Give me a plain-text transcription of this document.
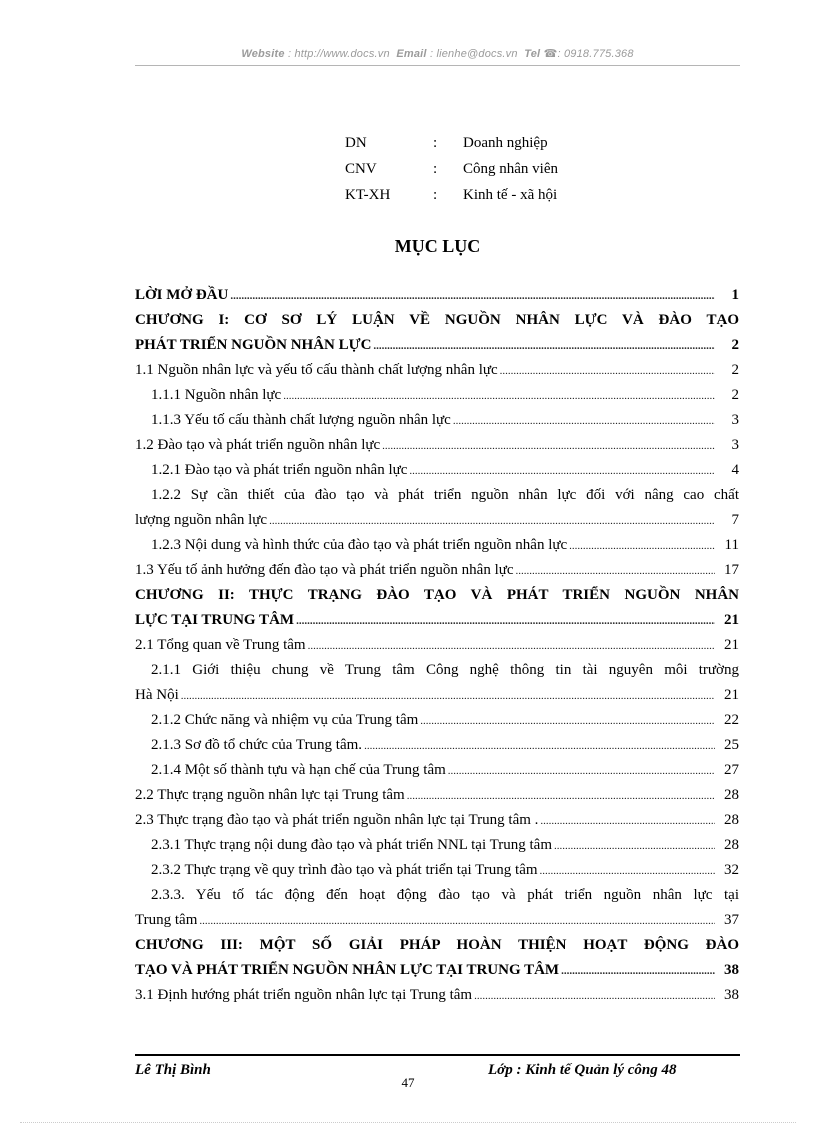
Website : http://www.docs.vn Email : lienhe@docs.vn Tel ☎: 0918.775.368
DN	:	Doanh nghiệp
CNV	:	Công nhân viên
KT-XH	:	Kinh tế - xã hội
MỤC LỤC
LỜI MỞ ĐẦU .....	1
CHƯƠNG I: CƠ SƠ LÝ LUẬN VỀ NGUỒN NHÂN LỰC VÀ ĐÀO TẠO
PHÁT TRIỂN NGUỒN NHÂN LỰC .....	2
1.1 Nguồn nhân lực và yếu tố cấu thành chất lượng nhân lực .....	2
1.1.1 Nguồn nhân lực .....	2
1.1.3 Yếu tố cấu thành chất lượng nguồn nhân lực .....	3
1.2 Đào tạo và phát triển nguồn nhân lực .....	3
1.2.1 Đào tạo và phát triển nguồn nhân lực .....	4
1.2.2 Sự cần thiết của đào tạo và phát triển nguồn nhân lực đối với nâng cao chất
lượng nguồn nhân lực .....	7
1.2.3 Nội dung và hình thức của đào tạo và phát triển nguồn nhân lực .....	11
1.3 Yếu tố ảnh hưởng đến đào tạo và phát triển nguồn nhân lực .....	17
CHƯƠNG II: THỰC TRẠNG ĐÀO TẠO VÀ PHÁT TRIỂN NGUỒN NHÂN
LỰC TẠI TRUNG TÂM .....	21
2.1 Tổng quan về Trung tâm .....	21
2.1.1 Giới thiệu chung về Trung tâm Công nghệ thông tin tài nguyên môi trường
Hà Nội .....	21
2.1.2 Chức năng và nhiệm vụ của Trung tâm .....	22
2.1.3 Sơ đồ tổ chức của Trung tâm. .....	25
2.1.4 Một số thành tựu và hạn chế của Trung tâm .....	27
2.2 Thực trạng nguồn nhân lực tại Trung tâm .....	28
2.3 Thực trạng đào tạo và phát triển nguồn nhân lực tại Trung tâm . .....	28
2.3.1 Thực trạng nội dung đào tạo và phát triển NNL tại Trung tâm .....	28
2.3.2 Thực trạng về quy trình đào tạo và phát triển tại Trung tâm .....	32
2.3.3. Yếu tố tác động đến hoạt động đào tạo và phát triển nguồn nhân lực tại
Trung tâm .....	37
CHƯƠNG III: MỘT SỐ GIẢI PHÁP HOÀN THIỆN HOẠT ĐỘNG ĐÀO
TẠO VÀ PHÁT TRIỂN NGUỒN NHÂN LỰC TẠI TRUNG TÂM .....	38
3.1 Định hướng phát triển nguồn nhân lực tại Trung tâm .....	38
Lê Thị Bình	Lớp : Kinh tế Quản lý công 48
47
